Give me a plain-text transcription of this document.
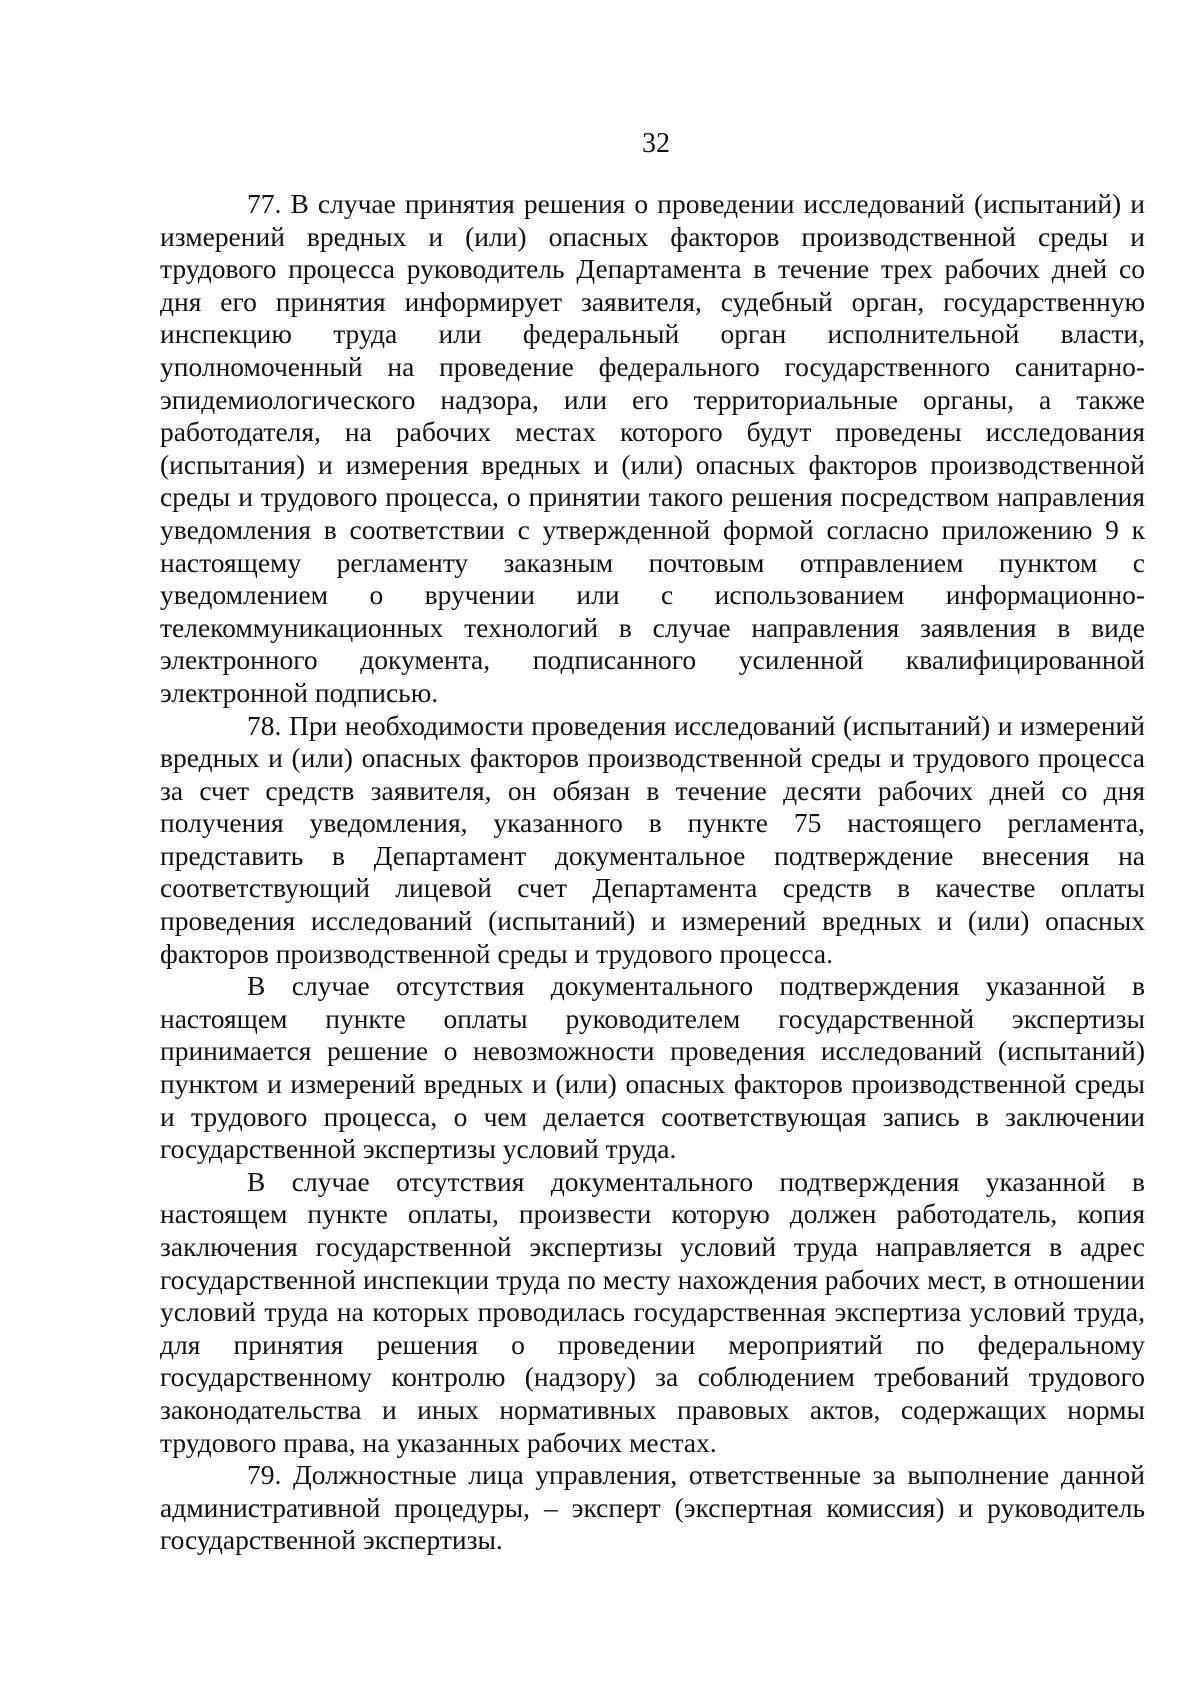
32

77. В случае принятия решения о проведении исследований (испытаний) и измерений вредных и (или) опасных факторов производственной среды и трудового процесса руководитель Департамента в течение трех рабочих дней со дня его принятия информирует заявителя, судебный орган, государственную инспекцию труда или федеральный орган исполнительной власти, уполномоченный на проведение федерального государственного санитарно-эпидемиологического надзора, или его территориальные органы, а также работодателя, на рабочих местах которого будут проведены исследования (испытания) и измерения вредных и (или) опасных факторов производственной среды и трудового процесса, о принятии такого решения посредством направления уведомления в соответствии с утвержденной формой согласно приложению 9 к настоящему регламенту заказным почтовым отправлением пунктом с уведомлением о вручении или с использованием информационно-телекоммуникационных технологий в случае направления заявления в виде электронного документа, подписанного усиленной квалифицированной электронной подписью.

78. При необходимости проведения исследований (испытаний) и измерений вредных и (или) опасных факторов производственной среды и трудового процесса за счет средств заявителя, он обязан в течение десяти рабочих дней со дня получения уведомления, указанного в пункте 75 настоящего регламента, представить в Департамент документальное подтверждение внесения на соответствующий лицевой счет Департамента средств в качестве оплаты проведения исследований (испытаний) и измерений вредных и (или) опасных факторов производственной среды и трудового процесса.

В случае отсутствия документального подтверждения указанной в настоящем пункте оплаты руководителем государственной экспертизы принимается решение о невозможности проведения исследований (испытаний) пунктом и измерений вредных и (или) опасных факторов производственной среды и трудового процесса, о чем делается соответствующая запись в заключении государственной экспертизы условий труда.

В случае отсутствия документального подтверждения указанной в настоящем пункте оплаты, произвести которую должен работодатель, копия заключения государственной экспертизы условий труда направляется в адрес государственной инспекции труда по месту нахождения рабочих мест, в отношении условий труда на которых проводилась государственная экспертиза условий труда, для принятия решения о проведении мероприятий по федеральному государственному контролю (надзору) за соблюдением требований трудового законодательства и иных нормативных правовых актов, содержащих нормы трудового права, на указанных рабочих местах.

79. Должностные лица управления, ответственные за выполнение данной административной процедуры, – эксперт (экспертная комиссия) и руководитель государственной экспертизы.
